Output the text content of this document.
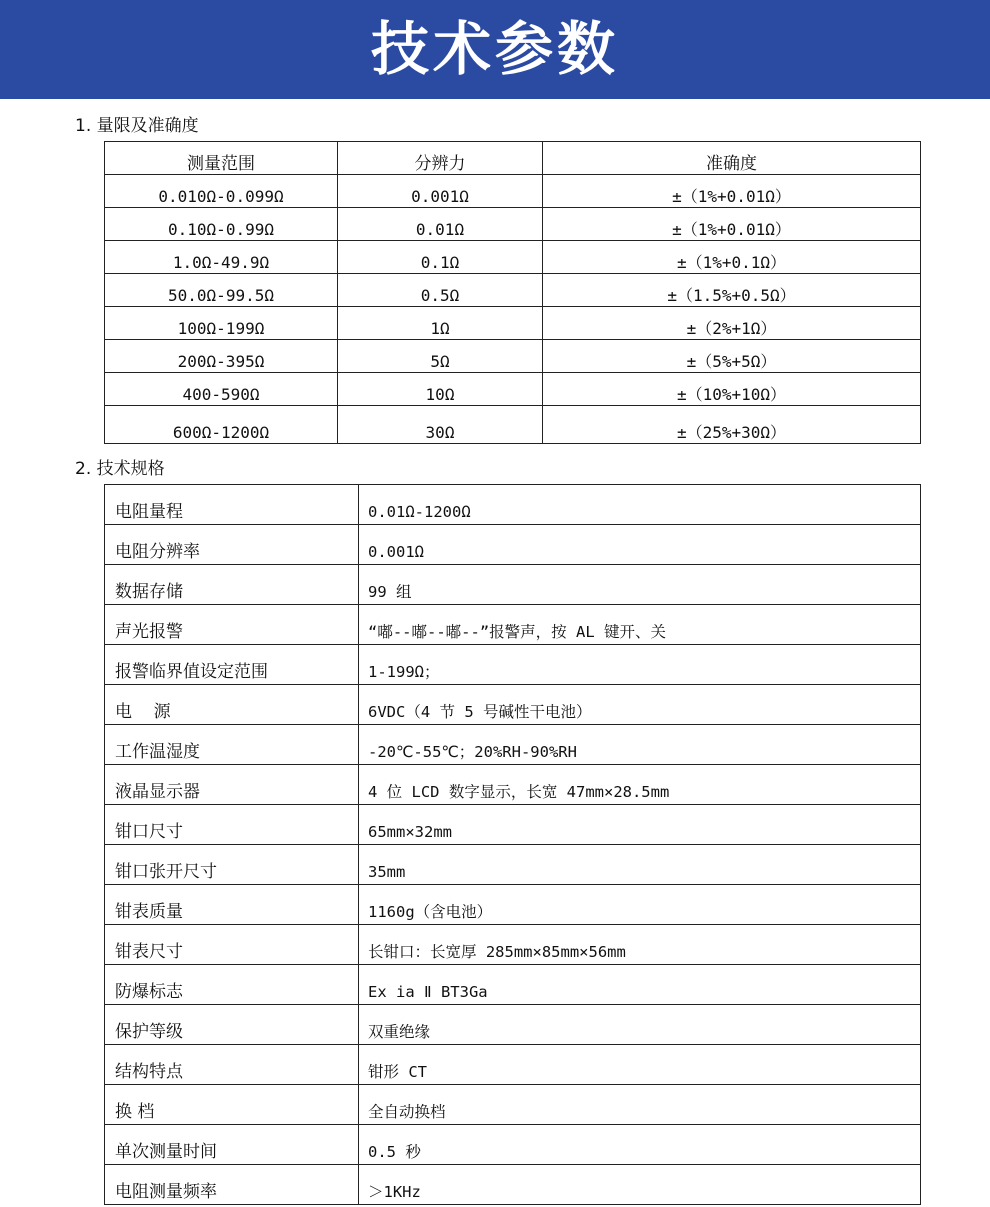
技术参数
1. 量限及准确度
测量范围	分辨力	准确度
0.010Ω-0.099Ω	0.001Ω	±（1%+0.01Ω）
0.10Ω-0.99Ω	0.01Ω	±（1%+0.01Ω）
1.0Ω-49.9Ω	0.1Ω	±（1%+0.1Ω）
50.0Ω-99.5Ω	0.5Ω	±（1.5%+0.5Ω）
100Ω-199Ω	1Ω	±（2%+1Ω）
200Ω-395Ω	5Ω	±（5%+5Ω）
400-590Ω	10Ω	±（10%+10Ω）
600Ω-1200Ω	30Ω	±（25%+30Ω）
2. 技术规格
电阻量程	0.01Ω-1200Ω
电阻分辨率	0.001Ω
数据存储	99 组
声光报警	“嘟--嘟--嘟--”报警声，按 AL 键开、关
报警临界值设定范围	1-199Ω；
电    源	6VDC（4 节 5 号碱性干电池）
工作温湿度	-20℃-55℃；20%RH-90%RH
液晶显示器	4 位 LCD 数字显示，长宽 47mm×28.5mm
钳口尺寸	65mm×32mm
钳口张开尺寸	35mm
钳表质量	1160g（含电池）
钳表尺寸	长钳口：长宽厚 285mm×85mm×56mm
防爆标志	Ex ia Ⅱ BT3Ga
保护等级	双重绝缘
结构特点	钳形 CT
换 档	全自动换档
单次测量时间	0.5 秒
电阻测量频率	＞1KHz
